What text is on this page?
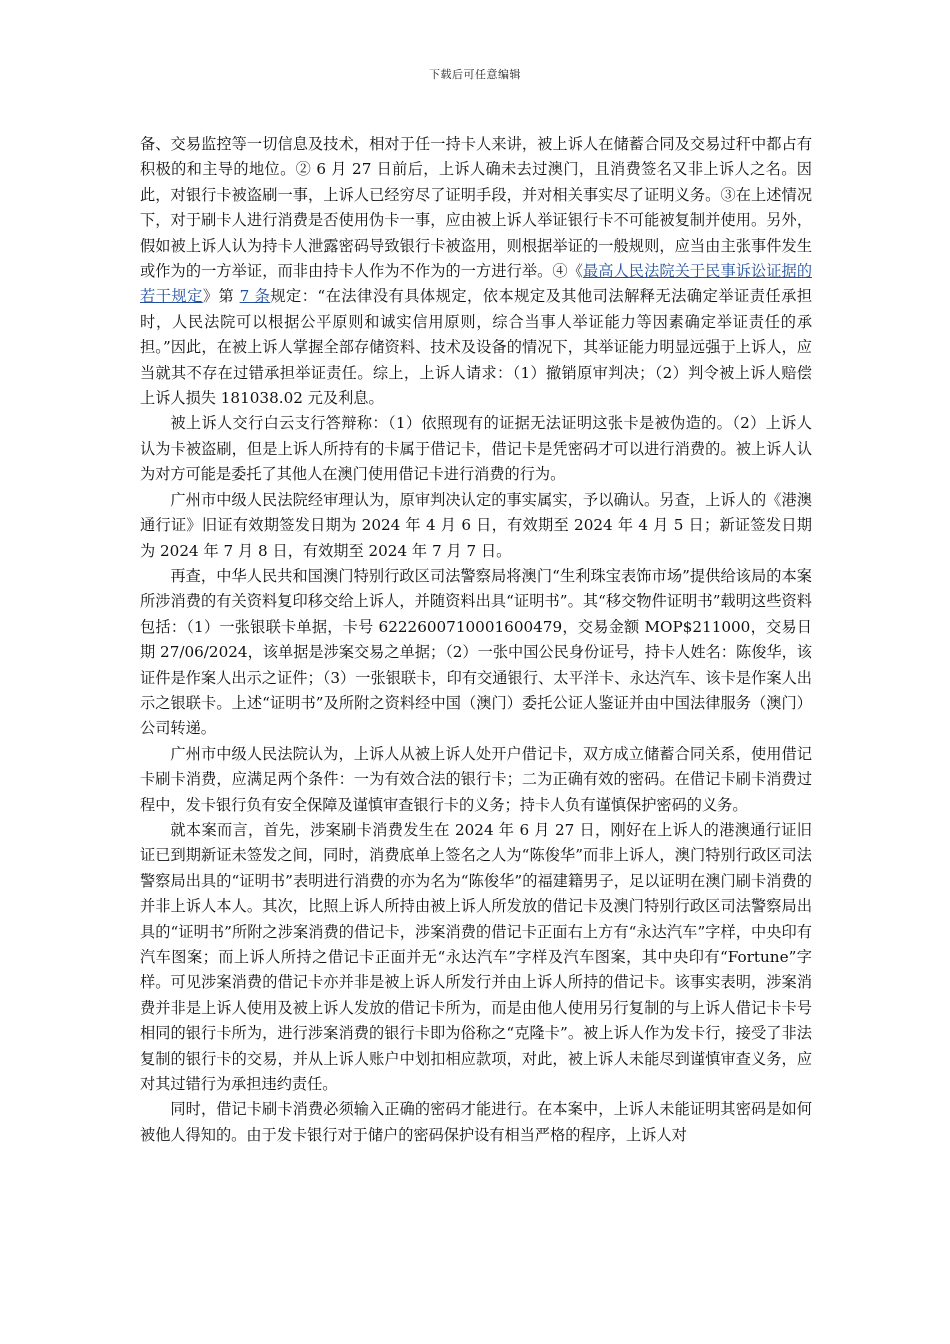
下载后可任意编辑

备、交易监控等一切信息及技术，相对于任一持卡人来讲，被上诉人在储蓄合同及交易过秆中都占有积极的和主导的地位。② 6 月 27 日前后，上诉人确未去过澳门，且消费签名又非上诉人之名。因此，对银行卡被盗刷一事，上诉人已经穷尽了证明手段，并对相关事实尽了证明义务。③在上述情况下，对于刷卡人进行消费是否使用伪卡一事，应由被上诉人举证银行卡不可能被复制并使用。另外，假如被上诉人认为持卡人泄露密码导致银行卡被盗用，则根据举证的一般规则，应当由主张事件发生或作为的一方举证，而非由持卡人作为不作为的一方进行举。④《最高人民法院关于民事诉讼证据的若干规定》第 7 条规定：“在法律没有具体规定，依本规定及其他司法解释无法确定举证责任承担时，人民法院可以根据公平原则和诚实信用原则，综合当事人举证能力等因素确定举证责任的承担。”因此，在被上诉人掌握全部存储资料、技术及设备的情况下，其举证能力明显远强于上诉人，应当就其不存在过错承担举证责任。综上，上诉人请求：（1）撤销原审判决；（2）判令被上诉人赔偿上诉人损失 181038.02 元及利息。

被上诉人交行白云支行答辩称：（1）依照现有的证据无法证明这张卡是被伪造的。（2）上诉人认为卡被盗刷，但是上诉人所持有的卡属于借记卡，借记卡是凭密码才可以进行消费的。被上诉人认为对方可能是委托了其他人在澳门使用借记卡进行消费的行为。

广州市中级人民法院经审理认为，原审判决认定的事实属实，予以确认。另查，上诉人的《港澳通行证》旧证有效期签发日期为 2024 年 4 月 6 日，有效期至 2024 年 4 月 5 日；新证签发日期为 2024 年 7 月 8 日，有效期至 2024 年 7 月 7 日。

再查，中华人民共和国澳门特别行政区司法警察局将澳门“生利珠宝表饰市场”提供给该局的本案所涉消费的有关资料复印移交给上诉人，并随资料出具“证明书”。其“移交物件证明书”载明这些资料包括：（1）一张银联卡单据，卡号 6222600710001600479，交易金额 MOP$211000，交易日期 27/06/2024，该单据是涉案交易之单据；（2）一张中国公民身份证号，持卡人姓名：陈俊华，该证件是作案人出示之证件；（3）一张银联卡，印有交通银行、太平洋卡、永达汽车、该卡是作案人出示之银联卡。上述“证明书”及所附之资料经中国（澳门）委托公证人鉴证并由中国法律服务（澳门）公司转递。

广州市中级人民法院认为，上诉人从被上诉人处开户借记卡，双方成立储蓄合同关系，使用借记卡刷卡消费，应满足两个条件：一为有效合法的银行卡；二为正确有效的密码。在借记卡刷卡消费过程中，发卡银行负有安全保障及谨慎审查银行卡的义务；持卡人负有谨慎保护密码的义务。

就本案而言，首先，涉案刷卡消费发生在 2024 年 6 月 27 日，刚好在上诉人的港澳通行证旧证已到期新证未签发之间，同时，消费底单上签名之人为“陈俊华”而非上诉人，澳门特别行政区司法警察局出具的“证明书”表明进行消费的亦为名为“陈俊华”的福建籍男子，足以证明在澳门刷卡消费的并非上诉人本人。其次，比照上诉人所持由被上诉人所发放的借记卡及澳门特别行政区司法警察局出具的“证明书”所附之涉案消费的借记卡，涉案消费的借记卡正面右上方有“永达汽车”字样，中央印有汽车图案；而上诉人所持之借记卡正面并无“永达汽车”字样及汽车图案，其中央印有“Fortune”字样。可见涉案消费的借记卡亦并非是被上诉人所发行并由上诉人所持的借记卡。该事实表明，涉案消费并非是上诉人使用及被上诉人发放的借记卡所为，而是由他人使用另行复制的与上诉人借记卡卡号相同的银行卡所为，进行涉案消费的银行卡即为俗称之“克隆卡”。被上诉人作为发卡行，接受了非法复制的银行卡的交易，并从上诉人账户中划扣相应款项，对此，被上诉人未能尽到谨慎审查义务，应对其过错行为承担违约责任。

同时，借记卡刷卡消费必须输入正确的密码才能进行。在本案中，上诉人未能证明其密码是如何被他人得知的。由于发卡银行对于储户的密码保护设有相当严格的程序，上诉人对
